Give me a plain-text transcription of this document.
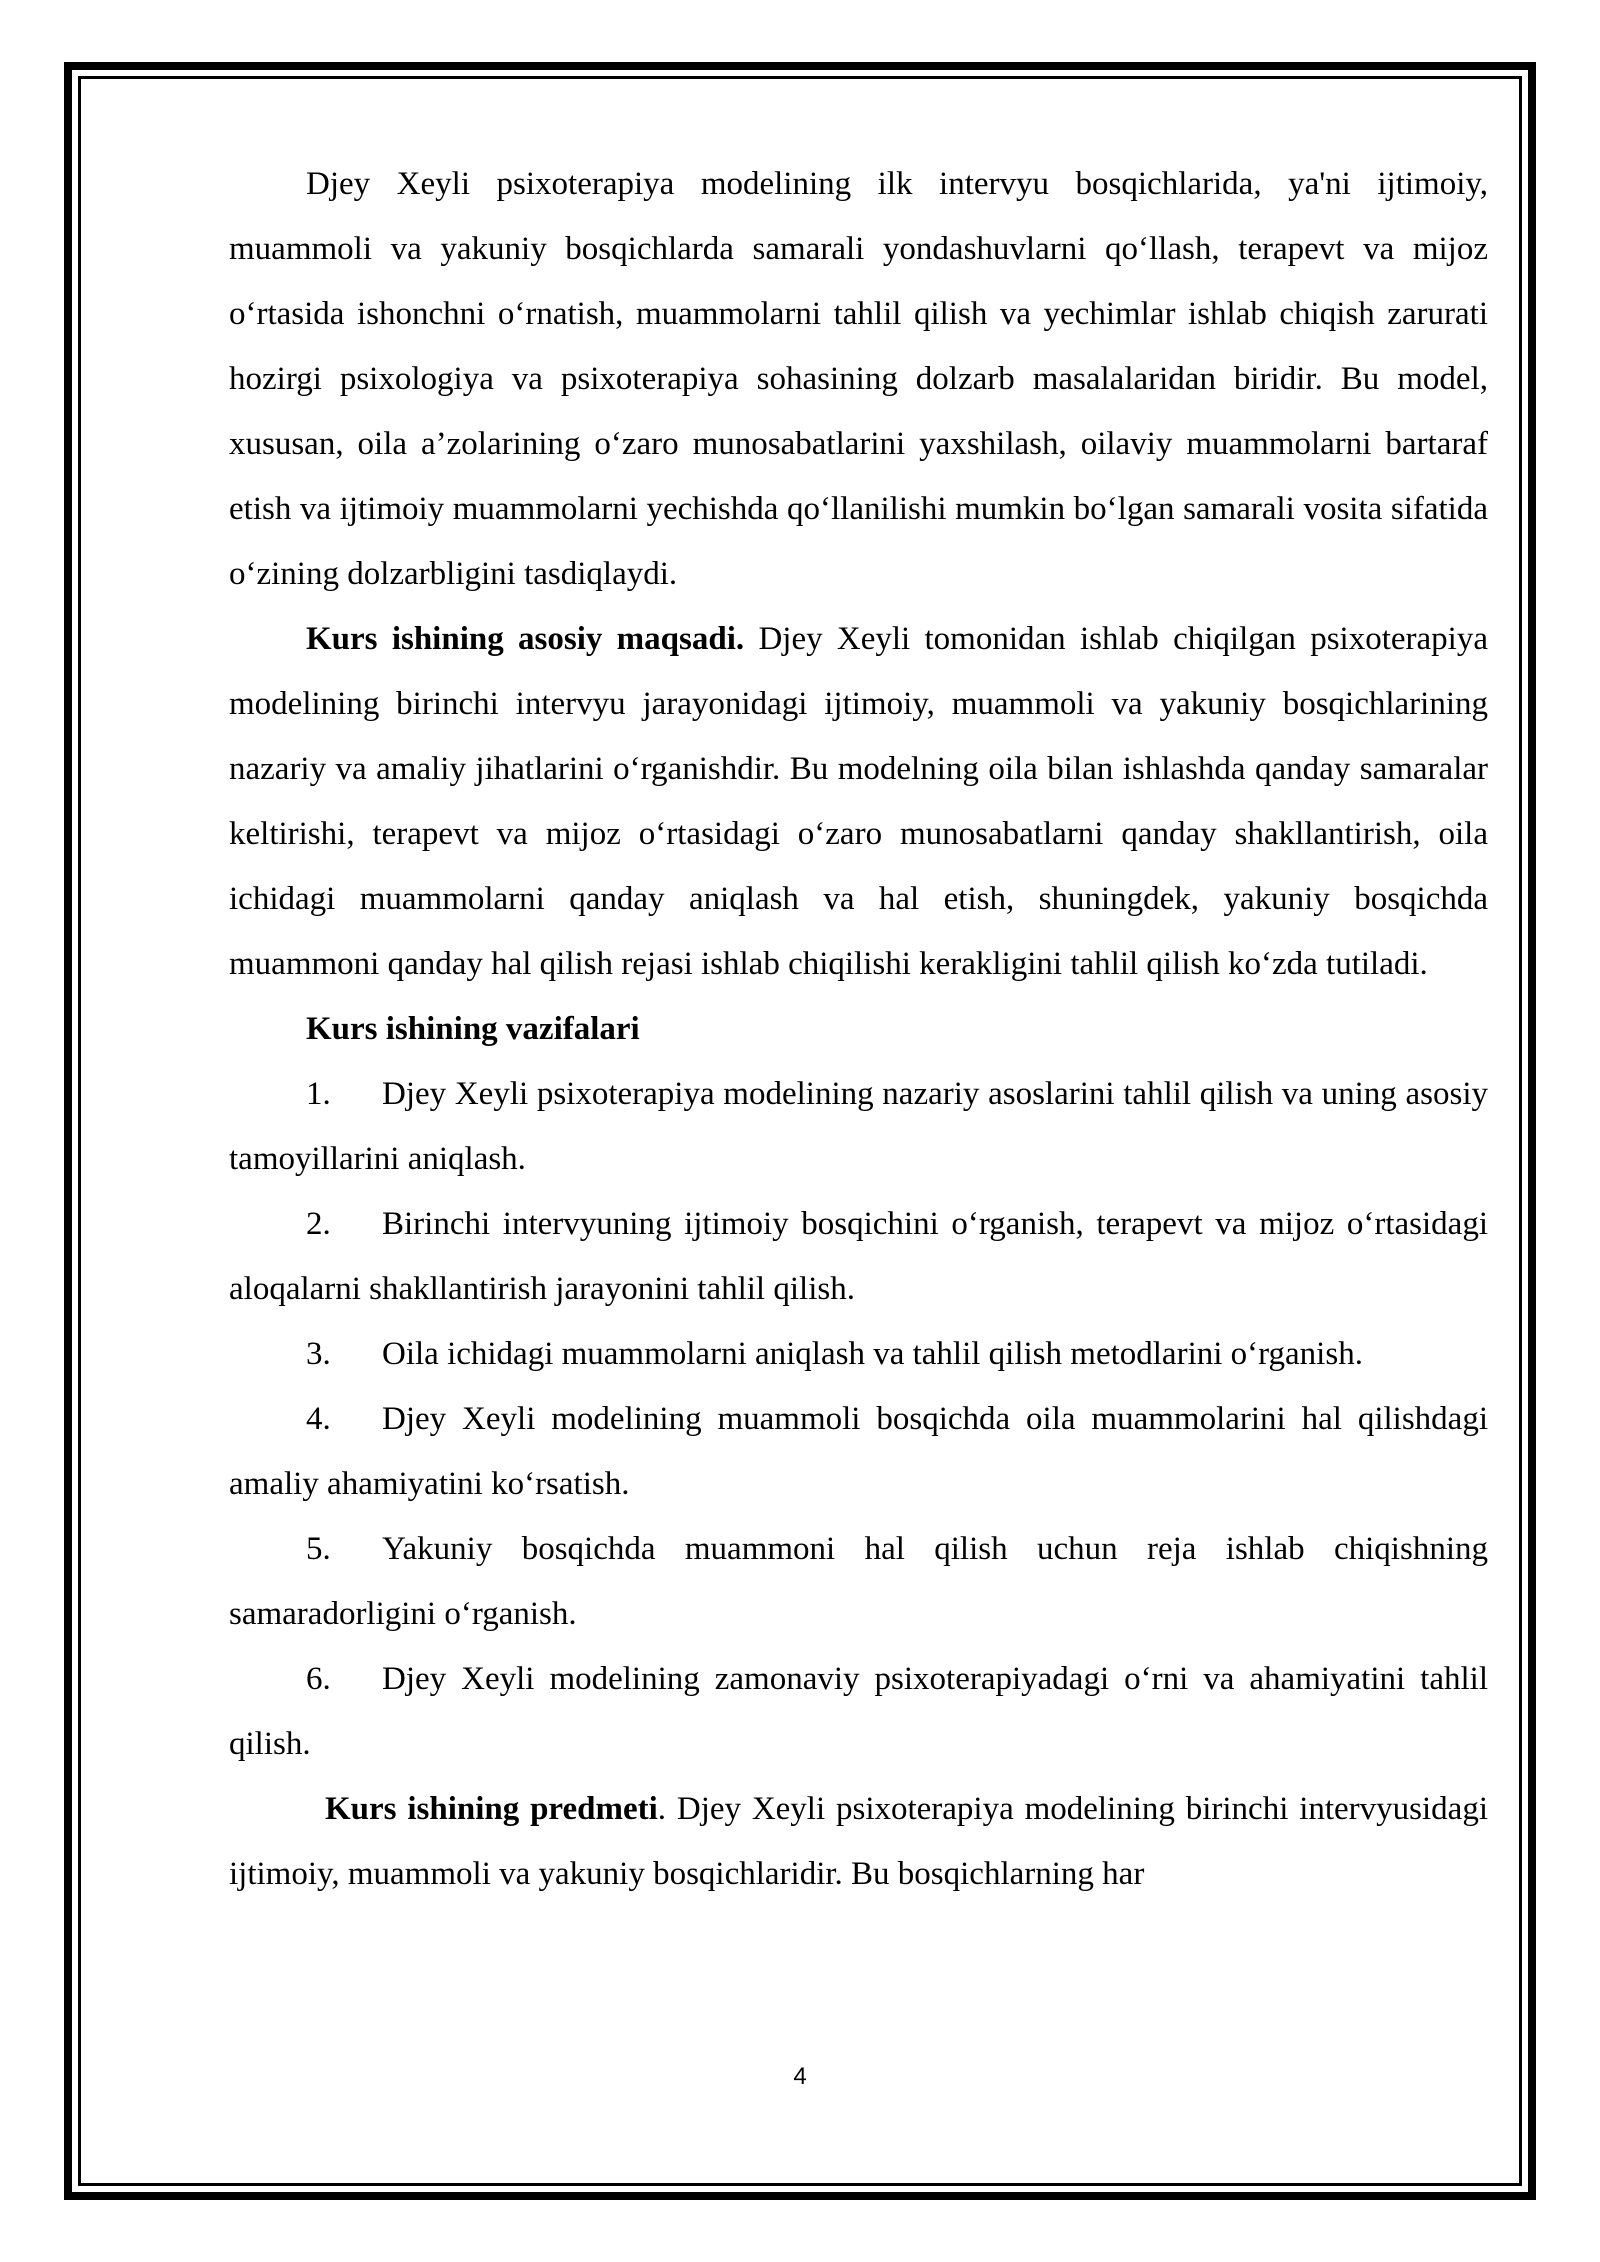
Djey Xeyli psixoterapiya modelining ilk intervyu bosqichlarida, ya'ni ijtimoiy, muammoli va yakuniy bosqichlarda samarali yondashuvlarni qo‘llash, terapevt va mijoz o‘rtasida ishonchni o‘rnatish, muammolarni tahlil qilish va yechimlar ishlab chiqish zarurati hozirgi psixologiya va psixoterapiya sohasining dolzarb masalalaridan biridir. Bu model, xususan, oila a’zolarining o‘zaro munosabatlarini yaxshilash, oilaviy muammolarni bartaraf etish va ijtimoiy muammolarni yechishda qo‘llanilishi mumkin bo‘lgan samarali vosita sifatida o‘zining dolzarbligini tasdiqlaydi.

Kurs ishining asosiy maqsadi. Djey Xeyli tomonidan ishlab chiqilgan psixoterapiya modelining birinchi intervyu jarayonidagi ijtimoiy, muammoli va yakuniy bosqichlarining nazariy va amaliy jihatlarini o‘rganishdir. Bu modelning oila bilan ishlashda qanday samaralar keltirishi, terapevt va mijoz o‘rtasidagi o‘zaro munosabatlarni qanday shakllantirish, oila ichidagi muammolarni qanday aniqlash va hal etish, shuningdek, yakuniy bosqichda muammoni qanday hal qilish rejasi ishlab chiqilishi kerakligini tahlil qilish ko‘zda tutiladi.

Kurs ishining vazifalari

1. Djey Xeyli psixoterapiya modelining nazariy asoslarini tahlil qilish va uning asosiy tamoyillarini aniqlash.

2. Birinchi intervyuning ijtimoiy bosqichini o‘rganish, terapevt va mijoz o‘rtasidagi aloqalarni shakllantirish jarayonini tahlil qilish.

3. Oila ichidagi muammolarni aniqlash va tahlil qilish metodlarini o‘rganish.

4. Djey Xeyli modelining muammoli bosqichda oila muammolarini hal qilishdagi amaliy ahamiyatini ko‘rsatish.

5. Yakuniy bosqichda muammoni hal qilish uchun reja ishlab chiqishning samaradorligini o‘rganish.

6. Djey Xeyli modelining zamonaviy psixoterapiyadagi o‘rni va ahamiyatini tahlil qilish.

Kurs ishining predmeti. Djey Xeyli psixoterapiya modelining birinchi intervyusidagi ijtimoiy, muammoli va yakuniy bosqichlaridir. Bu bosqichlarning har

4
